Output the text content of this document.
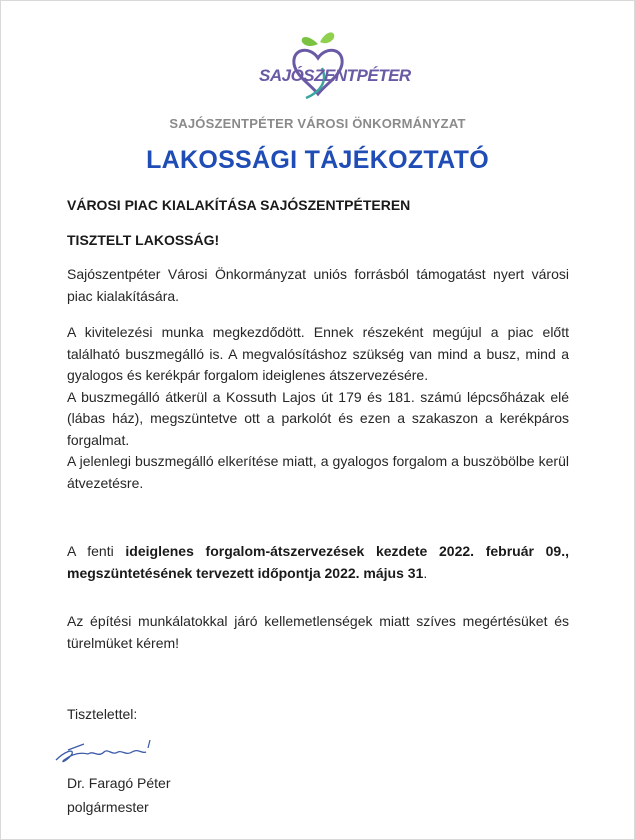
SAJÓSZENTPÉTER
SAJÓSZENTPÉTER VÁROSI ÖNKORMÁNYZAT
LAKOSSÁGI TÁJÉKOZTATÓ
VÁROSI PIAC KIALAKÍTÁSA SAJÓSZENTPÉTEREN
TISZTELT LAKOSSÁG!
Sajószentpéter Városi Önkormányzat uniós forrásból támogatást nyert városi piac kialakítására.
A kivitelezési munka megkezdődött. Ennek részeként megújul a piac előtt található buszmegálló is. A megvalósításhoz szükség van mind a busz, mind a gyalogos és kerékpár forgalom ideiglenes átszervezésére.
A buszmegálló átkerül a Kossuth Lajos út 179 és 181. számú lépcsőházak elé (lábas ház), megszüntetve ott a parkolót és ezen a szakaszon a kerékpáros forgalmat.
A jelenlegi buszmegálló elkerítése miatt, a gyalogos forgalom a buszöbölbe kerül átvezetésre.
A fenti ideiglenes forgalom-átszervezések kezdete 2022. február 09., megszüntetésének tervezett időpontja 2022. május 31.
Az építési munkálatokkal járó kellemetlenségek miatt szíves megértésüket és türelmüket kérem!
Tisztelettel:
Dr. Faragó Péter
polgármester
